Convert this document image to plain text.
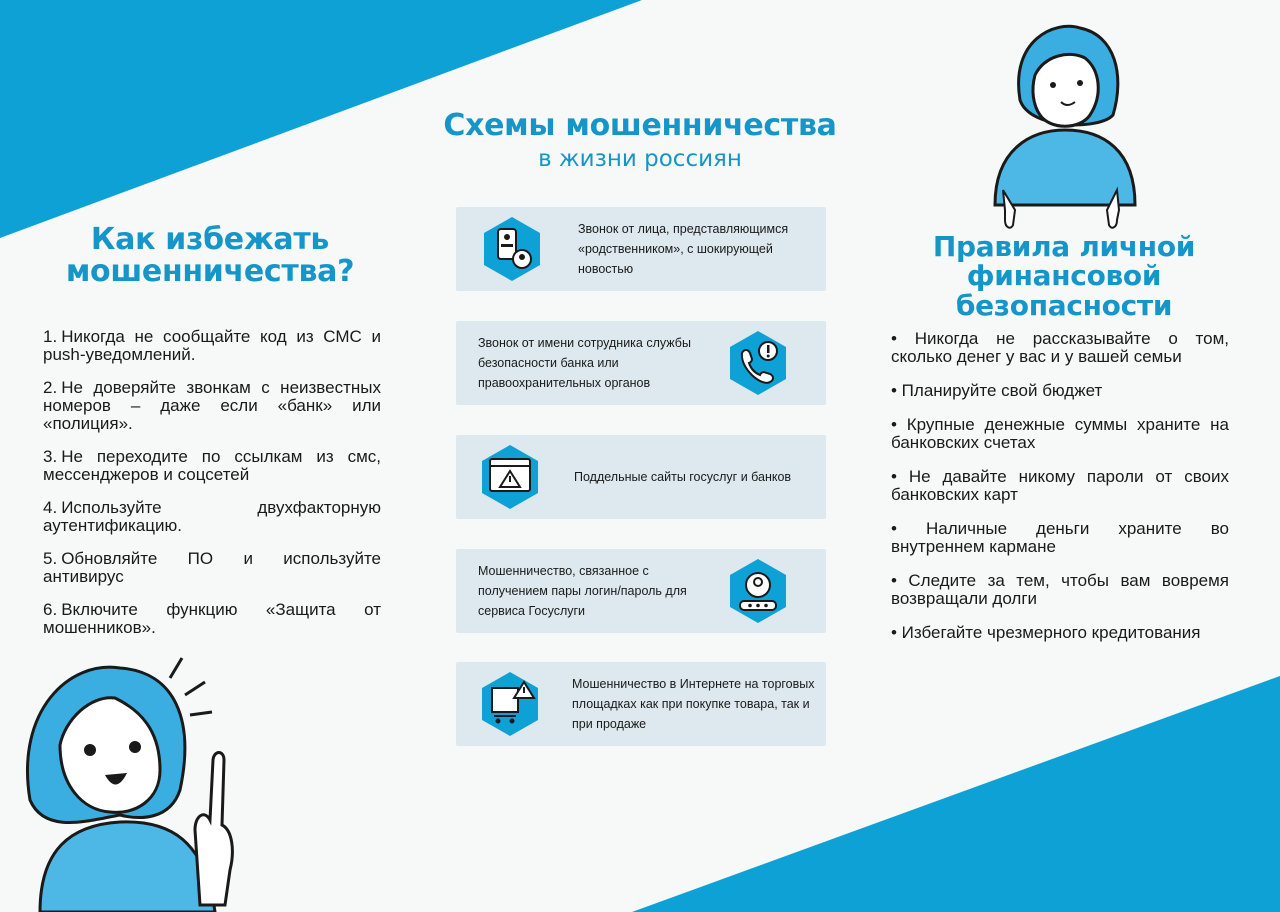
Как избежать мошенничества?
1. Никогда не сообщайте код из СМС и push-уведомлений.
2. Не доверяйте звонкам с неизвестных номеров – даже если «банк» или «полиция».
3. Не переходите по ссылкам из смс, мессенджеров и соцсетей
4. Используйте двухфакторную аутентификацию.
5. Обновляйте ПО и используйте антивирус
6. Включите функцию «Защита от мошенников».
Схемы мошенничества
в жизни россиян
Звонок от лица, представляющимся «родственником», с шокирующей новостью
Звонок от имени сотрудника службы безопасности банка или правоохранительных органов
Поддельные сайты госуслуг и банков
Мошенничество, связанное с получением пары логин/пароль для сервиса Госуслуги
Мошенничество в Интернете на торговых площадках как при покупке товара, так и при продаже
Правила личной финансовой безопасности
• Никогда не рассказывайте о том, сколько денег у вас и у вашей семьи
• Планируйте свой бюджет
• Крупные денежные суммы храните на банковских счетах
• Не давайте никому пароли от своих банковских карт
• Наличные деньги храните во внутреннем кармане
• Следите за тем, чтобы вам вовремя возвращали долги
• Избегайте чрезмерного кредитования
